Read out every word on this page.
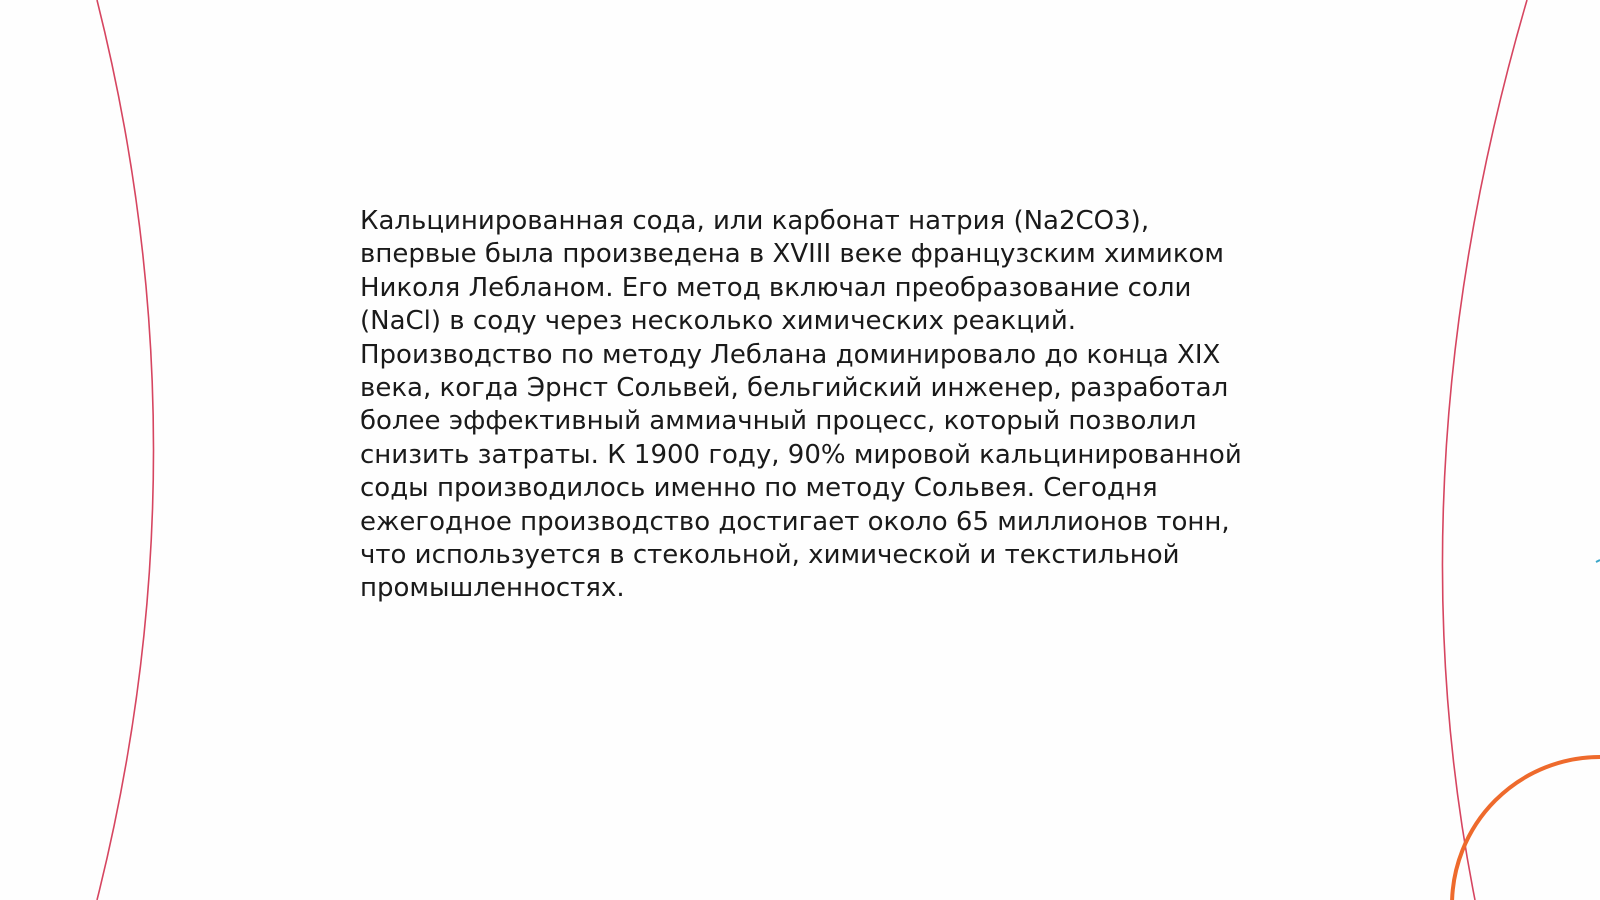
Кальцинированная сода, или карбонат натрия (Na2CO3),
впервые была произведена в XVIII веке французским химиком
Николя Лебланом. Его метод включал преобразование соли
(NaCl) в соду через несколько химических реакций.
Производство по методу Леблана доминировало до конца XIX
века, когда Эрнст Сольвей, бельгийский инженер, разработал
более эффективный аммиачный процесс, который позволил
снизить затраты. К 1900 году, 90% мировой кальцинированной
соды производилось именно по методу Сольвея. Сегодня
ежегодное производство достигает около 65 миллионов тонн,
что используется в стекольной, химической и текстильной
промышленностях.
